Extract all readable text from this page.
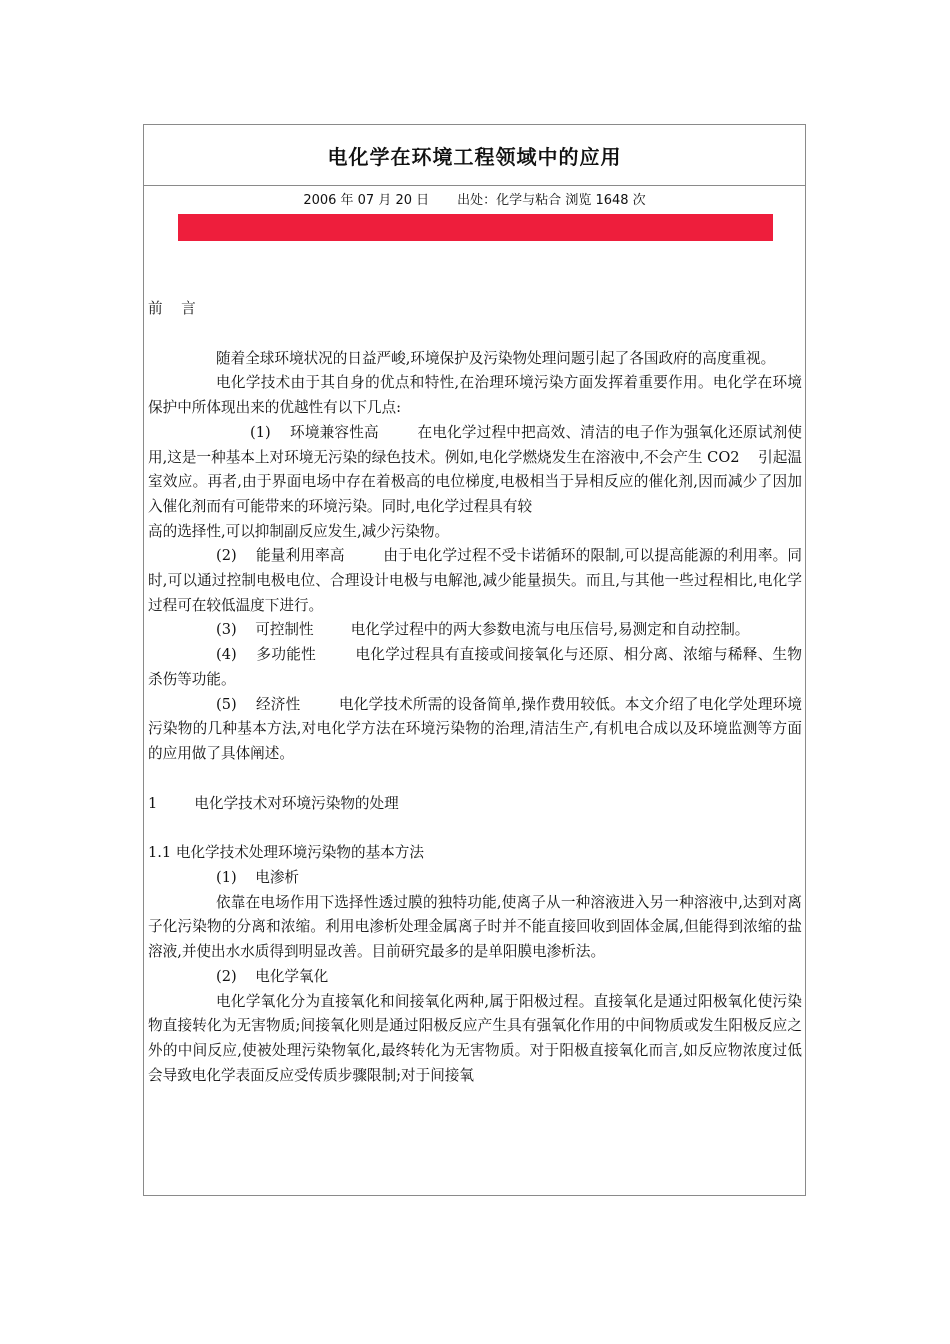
电化学在环境工程领域中的应用
2006 年 07 月 20 日 出处：化学与粘合 浏览 1648 次

前    言

随着全球环境状况的日益严峻,环境保护及污染物处理问题引起了各国政府的高度重视。

电化学技术由于其自身的优点和特性,在治理环境污染方面发挥着重要作用。电化学在环境保护中所体现出来的优越性有以下几点:

(1)    环境兼容性高        在电化学过程中把高效、清洁的电子作为强氧化还原试剂使用,这是一种基本上对环境无污染的绿色技术。例如,电化学燃烧发生在溶液中,不会产生 CO2    引起温室效应。再者,由于界面电场中存在着极高的电位梯度,电极相当于异相反应的催化剂,因而减少了因加入催化剂而有可能带来的环境污染。同时,电化学过程具有较

高的选择性,可以抑制副反应发生,减少污染物。

(2)    能量利用率高        由于电化学过程不受卡诺循环的限制,可以提高能源的利用率。同时,可以通过控制电极电位、合理设计电极与电解池,减少能量损失。而且,与其他一些过程相比,电化学过程可在较低温度下进行。

(3)    可控制性        电化学过程中的两大参数电流与电压信号,易测定和自动控制。

(4)    多功能性        电化学过程具有直接或间接氧化与还原、相分离、浓缩与稀释、生物杀伤等功能。

(5)    经济性        电化学技术所需的设备简单,操作费用较低。本文介绍了电化学处理环境污染物的几种基本方法,对电化学方法在环境污染物的治理,清洁生产,有机电合成以及环境监测等方面的应用做了具体阐述。

1        电化学技术对环境污染物的处理

1.1 电化学技术处理环境污染物的基本方法

(1)    电渗析

依靠在电场作用下选择性透过膜的独特功能,使离子从一种溶液进入另一种溶液中,达到对离子化污染物的分离和浓缩。利用电渗析处理金属离子时并不能直接回收到固体金属,但能得到浓缩的盐溶液,并使出水水质得到明显改善。目前研究最多的是单阳膜电渗析法。

(2)    电化学氧化

电化学氧化分为直接氧化和间接氧化两种,属于阳极过程。直接氧化是通过阳极氧化使污染物直接转化为无害物质;间接氧化则是通过阳极反应产生具有强氧化作用的中间物质或发生阳极反应之外的中间反应,使被处理污染物氧化,最终转化为无害物质。对于阳极直接氧化而言,如反应物浓度过低会导致电化学表面反应受传质步骤限制;对于间接氧
